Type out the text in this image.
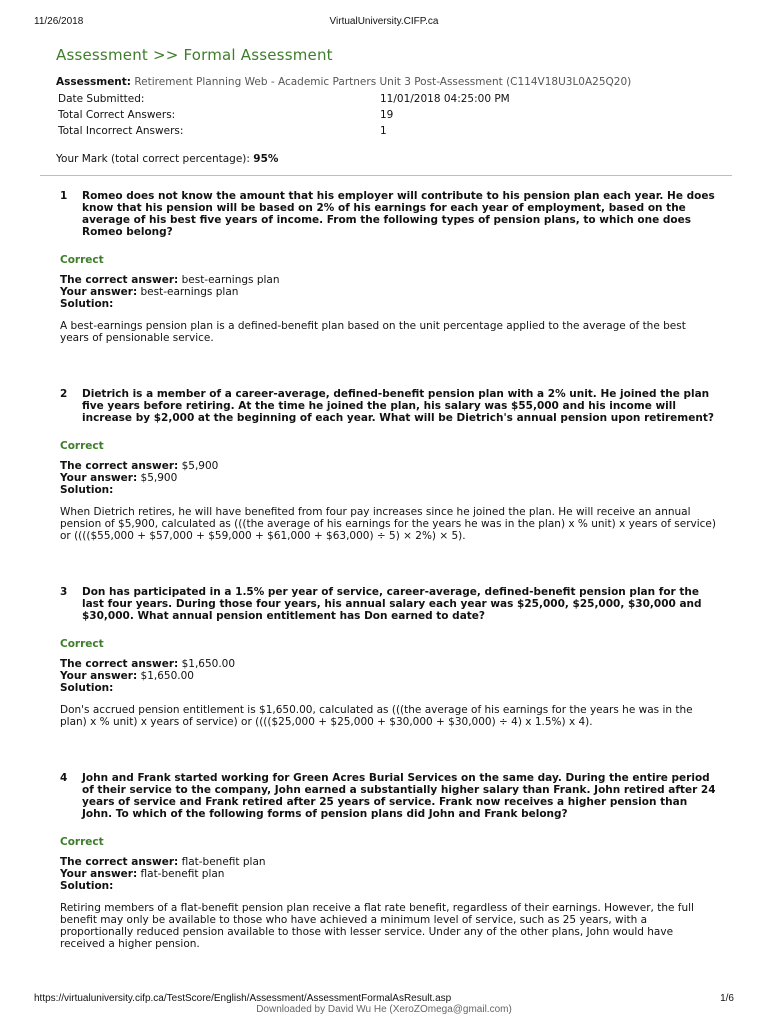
11/26/2018	VirtualUniversity.CIFP.ca
Assessment >> Formal Assessment
Assessment: Retirement Planning Web - Academic Partners Unit 3 Post-Assessment (C114V18U3L0A25Q20)
Date Submitted:	11/01/2018 04:25:00 PM
Total Correct Answers:	19
Total Incorrect Answers:	1
Your Mark (total correct percentage): 95%
1 Romeo does not know the amount that his employer will contribute to his pension plan each year. He does know that his pension will be based on 2% of his earnings for each year of employment, based on the average of his best five years of income. From the following types of pension plans, to which one does Romeo belong?
Correct
The correct answer: best-earnings plan
Your answer: best-earnings plan
Solution:
A best-earnings pension plan is a defined-benefit plan based on the unit percentage applied to the average of the best years of pensionable service.
2 Dietrich is a member of a career-average, defined-benefit pension plan with a 2% unit. He joined the plan five years before retiring. At the time he joined the plan, his salary was $55,000 and his income will increase by $2,000 at the beginning of each year. What will be Dietrich's annual pension upon retirement?
Correct
The correct answer: $5,900
Your answer: $5,900
Solution:
When Dietrich retires, he will have benefited from four pay increases since he joined the plan. He will receive an annual pension of $5,900, calculated as (((the average of his earnings for the years he was in the plan) x % unit) x years of service) or (((($55,000 + $57,000 + $59,000 + $61,000 + $63,000) ÷ 5) × 2%) × 5).
3 Don has participated in a 1.5% per year of service, career-average, defined-benefit pension plan for the last four years. During those four years, his annual salary each year was $25,000, $25,000, $30,000 and $30,000. What annual pension entitlement has Don earned to date?
Correct
The correct answer: $1,650.00
Your answer: $1,650.00
Solution:
Don's accrued pension entitlement is $1,650.00, calculated as (((the average of his earnings for the years he was in the plan) x % unit) x years of service) or (((($25,000 + $25,000 + $30,000 + $30,000) ÷ 4) x 1.5%) x 4).
4 John and Frank started working for Green Acres Burial Services on the same day. During the entire period of their service to the company, John earned a substantially higher salary than Frank. John retired after 24 years of service and Frank retired after 25 years of service. Frank now receives a higher pension than John. To which of the following forms of pension plans did John and Frank belong?
Correct
The correct answer: flat-benefit plan
Your answer: flat-benefit plan
Solution:
Retiring members of a flat-benefit pension plan receive a flat rate benefit, regardless of their earnings. However, the full benefit may only be available to those who have achieved a minimum level of service, such as 25 years, with a proportionally reduced pension available to those with lesser service. Under any of the other plans, John would have received a higher pension.
https://virtualuniversity.cifp.ca/TestScore/English/Assessment/AssessmentFormalAsResult.asp	1/6
Downloaded by David Wu He (XeroZOmega@gmail.com)
